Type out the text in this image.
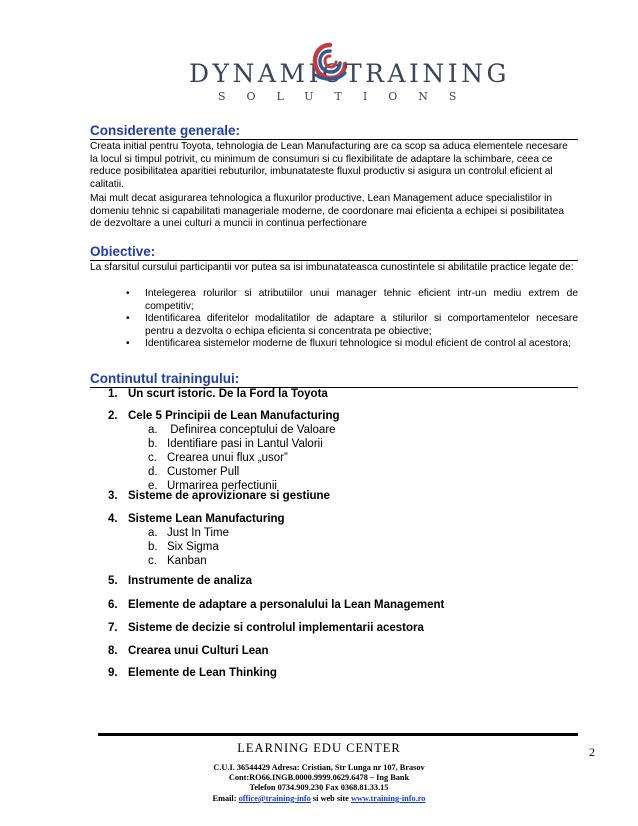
DYNAMIC TRAINING
SOLUTIONS
Considerente generale:

Creata initial pentru Toyota, tehnologia de Lean Manufacturing are ca scop sa aduca elementele necesare la locul si timpul potrivit, cu minimum de consumuri si cu flexibilitate de adaptare la schimbare, ceea ce reduce posibilitatea aparitiei rebuturilor, imbunatateste fluxul productiv si asigura un controlul eficient al calitatii.

Mai mult decat asigurarea tehnologica a fluxurilor productive, Lean Management aduce specialistilor in domeniu tehnic si capabilitati manageriale moderne, de coordonare mai eficienta a echipei si posibilitatea de dezvoltare a unei culturi a muncii in continua perfectionare

Obiective:

La sfarsitul cursului participantii vor putea sa isi imbunatateasca cunostintele si abilitatile practice legate de:

• Intelegerea rolurilor si atributiilor unui manager tehnic eficient intr-un mediu extrem de competitiv;
• Identificarea diferitelor modalitatilor de adaptare a stilurilor si comportamentelor necesare pentru a dezvolta o echipa eficienta si concentrata pe obiective;
• Identificarea sistemelor moderne de fluxuri tehnologice si modul eficient de control al acestora;
Continutul trainingului:
1. Un scurt istoric. De la Ford la Toyota
2. Cele 5 Principii de Lean Manufacturing
a. Definirea conceptului de Valoare
b. Identifiare pasi in Lantul Valorii
c. Crearea unui flux „usor”
d. Customer Pull
e. Urmarirea perfectiunii
3. Sisteme de aprovizionare si gestiune
4. Sisteme Lean Manufacturing
a. Just In Time
b. Six Sigma
c. Kanban
5. Instrumente de analiza
6. Elemente de adaptare a personalului la Lean Management
7. Sisteme de decizie si controlul implementarii acestora
8. Crearea unui Culturi Lean
9. Elemente de Lean Thinking
LEARNING EDU CENTER	2
C.U.I. 36544429 Adresa: Cristian, Str Lunga nr 107, Brasov
Cont:RO66.INGB.0000.9999.0629.6478 – Ing Bank
Telefon 0734.909.230 Fax 0368.81.33.15
Email: office@training-info si web site www.training-info.ro
